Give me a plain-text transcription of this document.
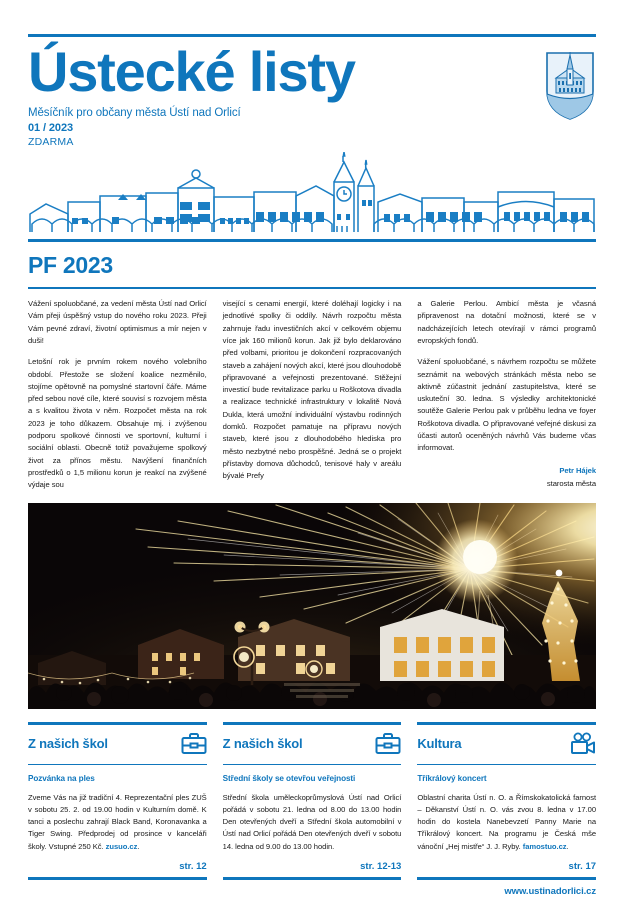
Ústecké listy
Měsíčník pro občany města Ústí nad Orlicí
01 / 2023
ZDARMA
PF 2023

Vážení spoluobčané, za vedení města Ústí nad Orlicí Vám přeji úspěšný vstup do nového roku 2023. Přeji Vám pevné zdraví, životní optimismus a mír nejen v duši!

Letošní rok je prvním rokem nového volebního období. Přestože se složení koalice nezměnilo, stojíme opětovně na pomyslné startovní čáře. Máme před sebou nové cíle, které souvisí s rozvojem města a s kvalitou života v něm. Rozpočet města na rok 2023 je toho důkazem. Obsahuje mj. i zvýšenou podporu spolkové činnosti ve sportovní, kulturní i sociální oblasti. Obecně totiž považujeme spolkový život za přínos městu. Navýšení finančních prostředků o 1,5 milionu korun je reakcí na zvýšené výdaje sou

visející s cenami energií, které doléhají logicky i na jednotlivé spolky či oddíly. Návrh rozpočtu města zahrnuje řadu investičních akcí v celkovém objemu více jak 160 milionů korun. Jak již bylo deklarováno před volbami, prioritou je dokončení rozpracovaných staveb a zahájení nových akcí, které jsou dlouhodobě připravované a veřejnosti prezentované. Stěžejní investicí bude revitalizace parku u Roškotova divadla a realizace technické infrastruktury v lokalitě Nová Dukla, která umožní individuální výstavbu rodinných domků. Rozpočet pamatuje na přípravu nových staveb, které jsou z dlouhodobého hlediska pro město nezbytné nebo prospěšné. Jedná se o projekt přístavby domova důchodců, tenisové haly v areálu bývalé Prefy

a Galerie Perlou. Ambicí města je včasná připravenost na dotační možnosti, které se v nadcházejících letech otevírají v rámci programů evropských fondů.

Vážení spoluobčané, s návrhem rozpočtu se můžete seznámit na webových stránkách města nebo se aktivně zúčastnit jednání zastupitelstva, které se uskuteční 30. ledna. S výsledky architektonické soutěže Galerie Perlou pak v průběhu ledna ve foyer Roškotova divadla. O připravované veřejné diskusi za účasti autorů oceněných návrhů Vás budeme včas informovat.

Petr Hájek

starosta města

Z našich škol
Pozvánka na ples
Zveme Vás na již tradiční 4. Reprezentační ples ZUŠ v sobotu 25. 2. od 19.00 hodin v Kulturním domě. K tanci a poslechu zahrají Black Band, Koronavanka a Tiger Swing. Předprodej od prosince v kanceláři školy. Vstupné 250 Kč. zusuo.cz.
str. 12
Z našich škol
Střední školy se otevřou veřejnosti
Střední škola uměleckoprůmyslová Ústí nad Orlicí pořádá v sobotu 21. ledna od 8.00 do 13.00 hodin Den otevřených dveří a Střední škola automobilní v Ústí nad Orlicí pořádá Den otevřených dveří v sobotu 14. ledna od 9.00 do 13.00 hodin.
str. 12-13
Kultura
Tříkrálový koncert
Oblastní charita Ústí n. O. a Římskokatolická farnost – Děkanství Ústí n. O. vás zvou 8. ledna v 17.00 hodin do kostela Nanebevzetí Panny Marie na Tříkrálový koncert. Na programu je Česká mše vánoční „Hej mistře“ J. J. Ryby. famostuo.cz.
str. 17
www.ustinadorlici.cz
